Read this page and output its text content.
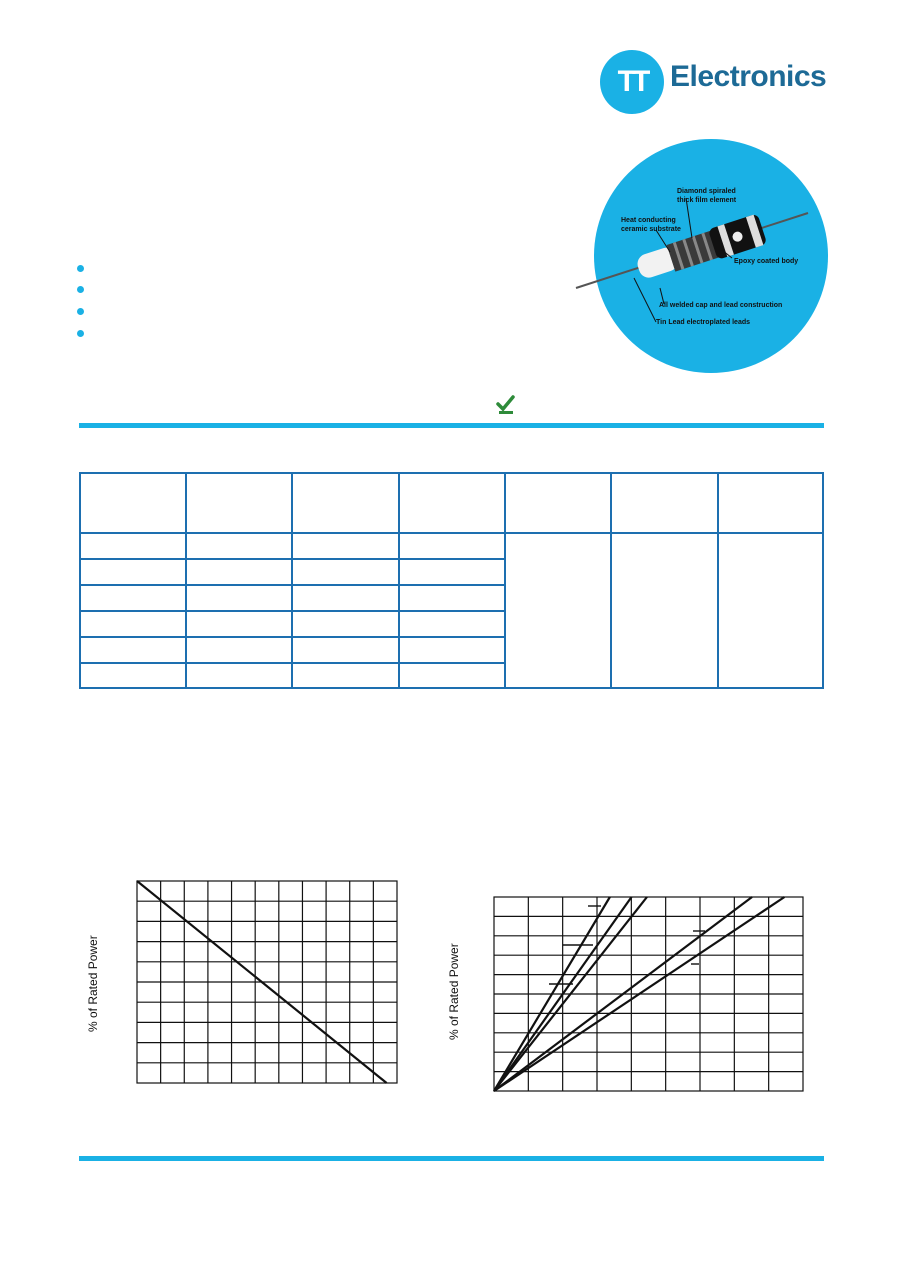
TT Electronics
Diamond spiraled
thick film element
Heat conducting
ceramic substrate
Epoxy coated body
All welded cap and lead construction
Tin Lead electroplated leads
% of Rated Power	% of Rated Power
